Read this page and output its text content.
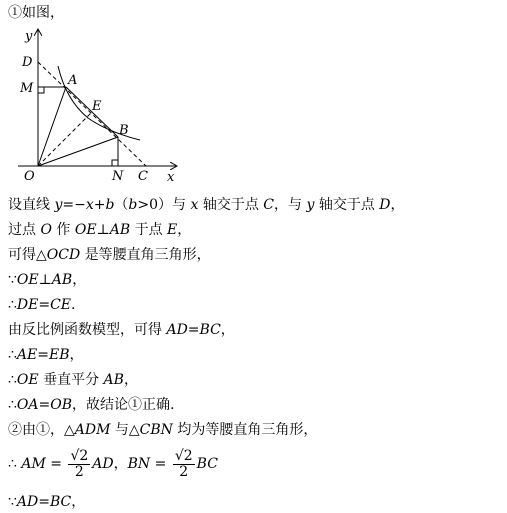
①如图，
y
D
M
A
E
B
O	N C x
设直线 y=−x+b（b>0）与 x 轴交于点 C，与 y 轴交于点 D，
过点 O 作 OE⊥AB 于点 E，
可得△OCD 是等腰直角三角形，
∵OE⊥AB，
∴DE=CE.
由反比例函数模型，可得 AD=BC，
∴AE=EB，
∴OE 垂直平分 AB，
∴OA=OB，故结论①正确.
②由①，△ADM 与△CBN 均为等腰直角三角形，
∴ AM = $\frac{√2}{2}$ AD，BN = $\frac{√2}{2}$ BC
∵AD=BC，
